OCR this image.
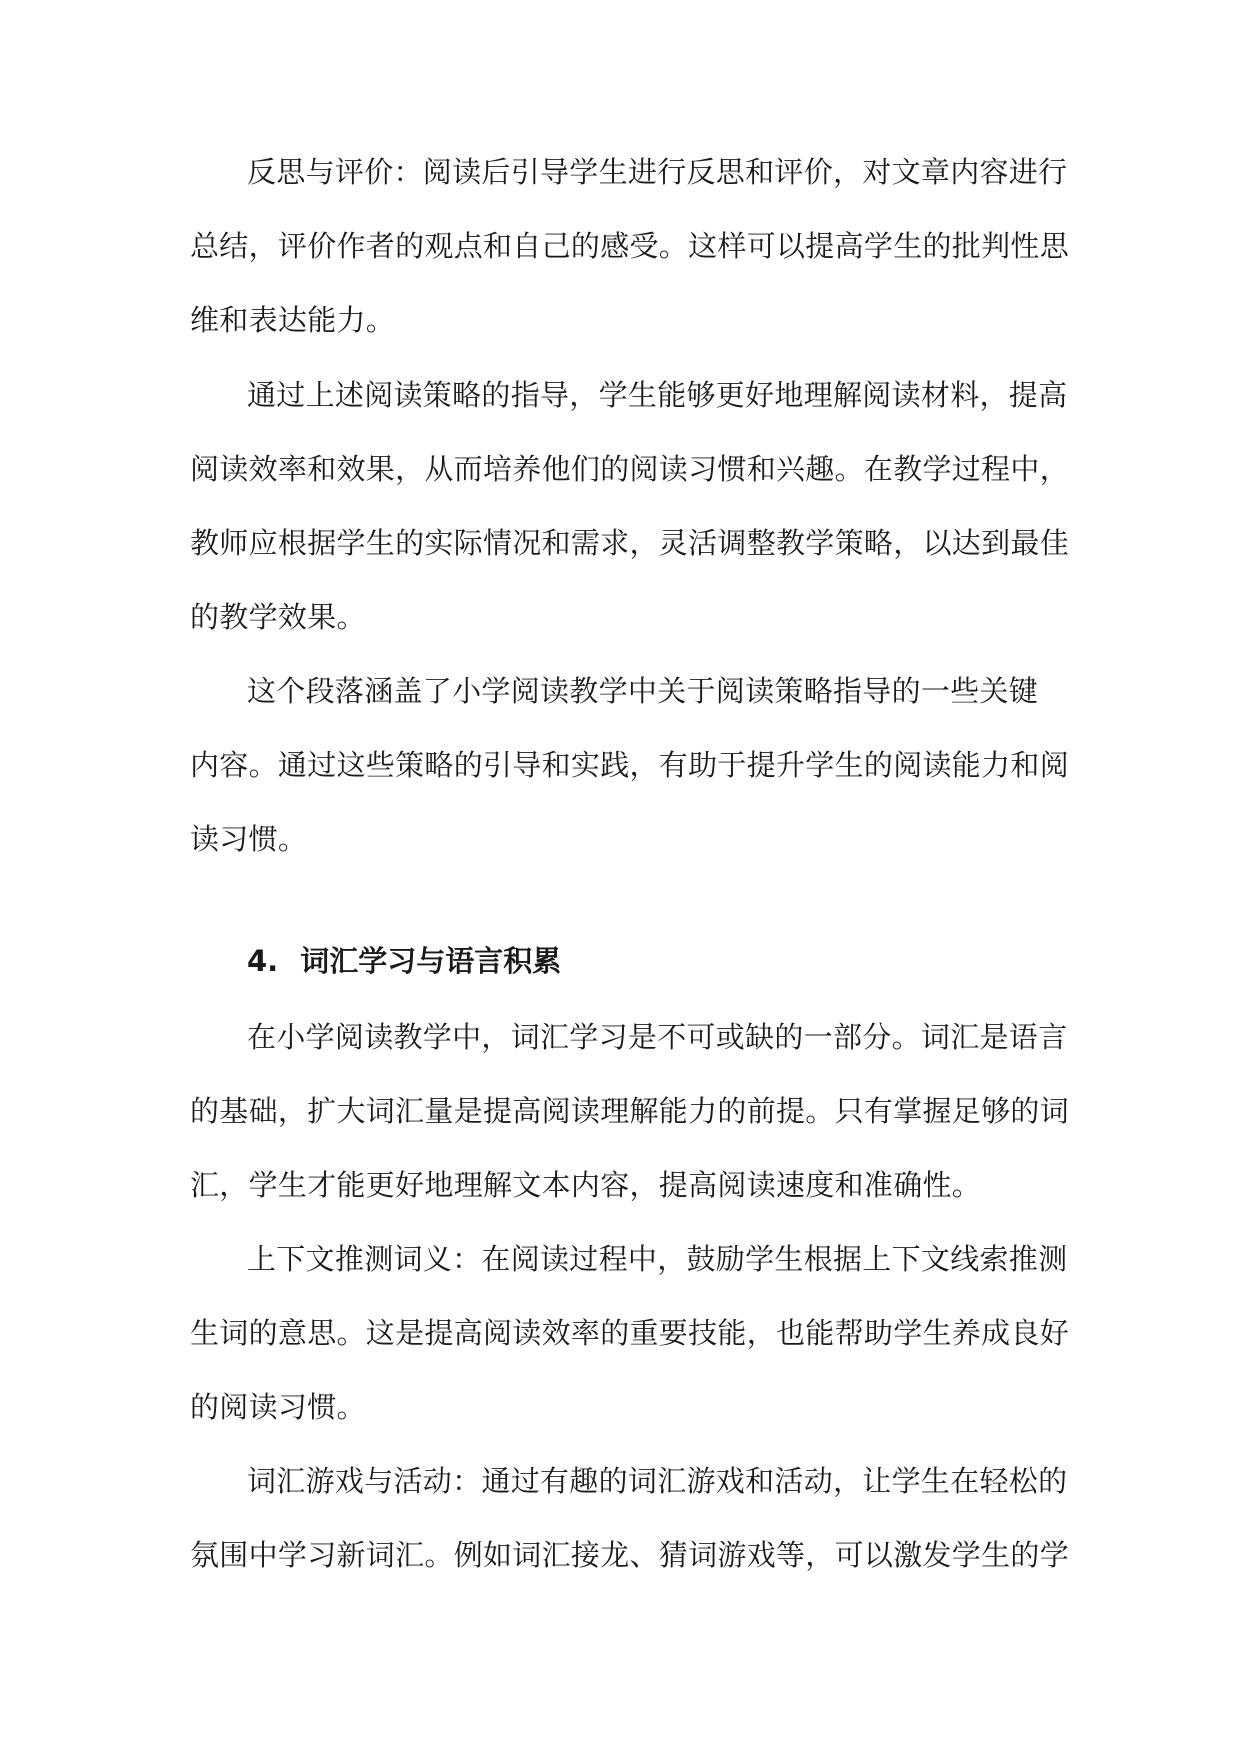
反思与评价：阅读后引导学生进行反思和评价，对文章内容进行
总结，评价作者的观点和自己的感受。这样可以提高学生的批判性思
维和表达能力。
通过上述阅读策略的指导，学生能够更好地理解阅读材料，提高
阅读效率和效果，从而培养他们的阅读习惯和兴趣。在教学过程中，
教师应根据学生的实际情况和需求，灵活调整教学策略，以达到最佳
的教学效果。
这个段落涵盖了小学阅读教学中关于阅读策略指导的一些关键
内容。通过这些策略的引导和实践，有助于提升学生的阅读能力和阅
读习惯。
4. 词汇学习与语言积累
在小学阅读教学中，词汇学习是不可或缺的一部分。词汇是语言
的基础，扩大词汇量是提高阅读理解能力的前提。只有掌握足够的词
汇，学生才能更好地理解文本内容，提高阅读速度和准确性。
上下文推测词义：在阅读过程中，鼓励学生根据上下文线索推测
生词的意思。这是提高阅读效率的重要技能，也能帮助学生养成良好
的阅读习惯。
词汇游戏与活动：通过有趣的词汇游戏和活动，让学生在轻松的
氛围中学习新词汇。例如词汇接龙、猜词游戏等，可以激发学生的学
